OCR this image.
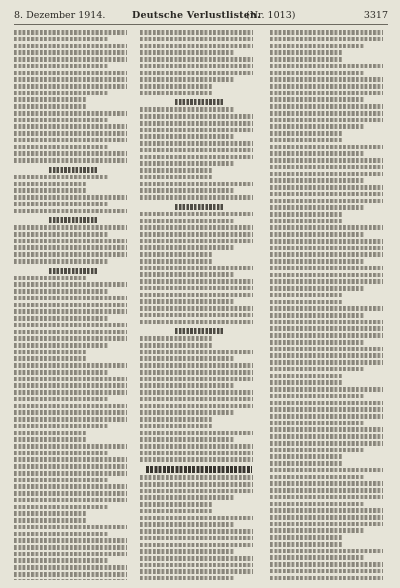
8. Dezember 1914.	Deutsche Verlustlisten.
(Nr. 1013)	3317
